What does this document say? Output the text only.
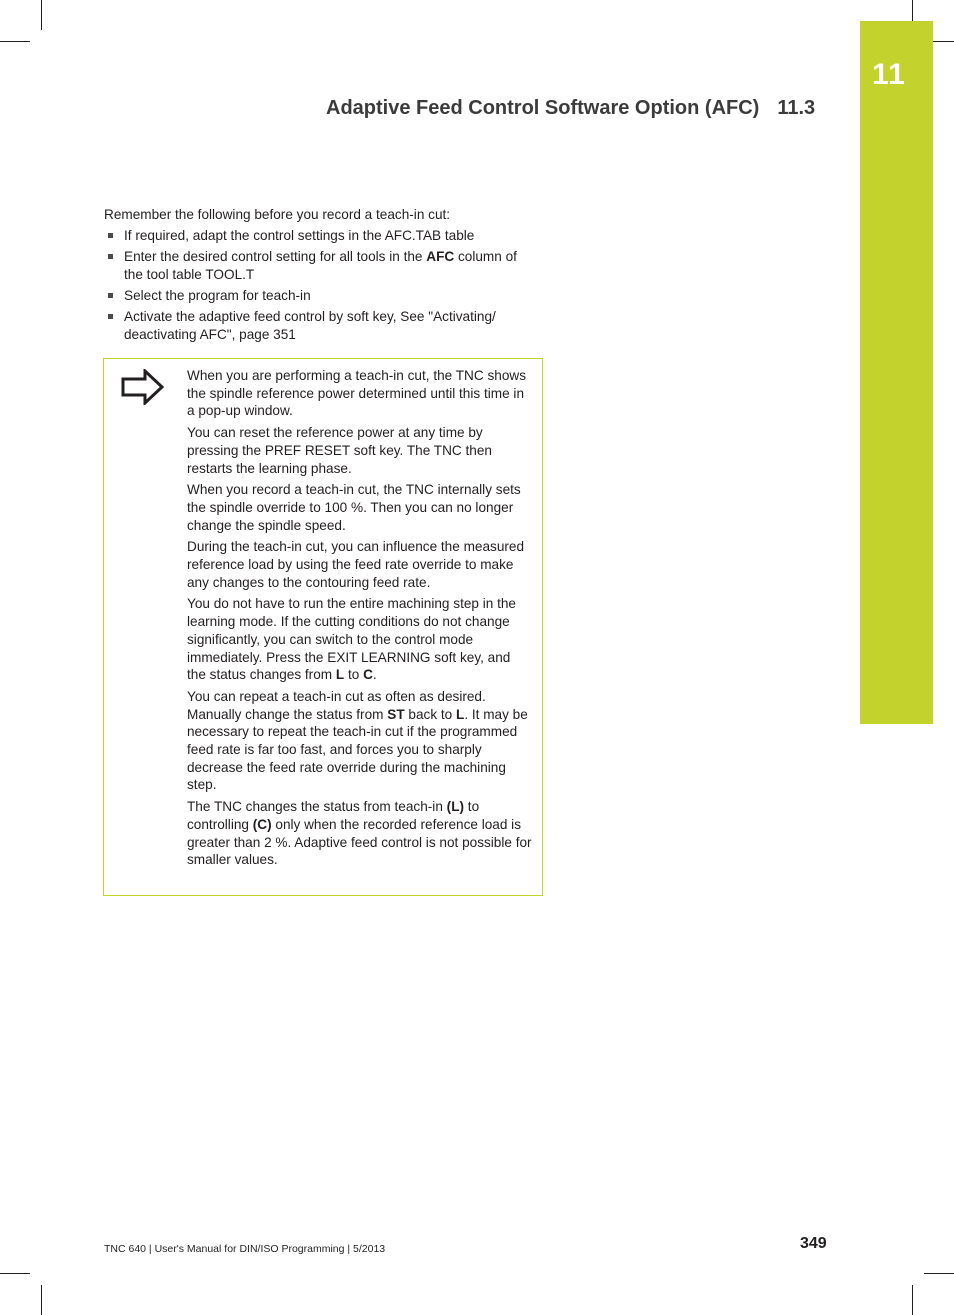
11
Adaptive Feed Control Software Option (AFC) 11.3
Remember the following before you record a teach-in cut:
If required, adapt the control settings in the AFC.TAB table
Enter the desired control setting for all tools in the AFC column of the tool table TOOL.T
Select the program for teach-in
Activate the adaptive feed control by soft key, See "Activating/ deactivating AFC", page 351

When you are performing a teach-in cut, the TNC shows the spindle reference power determined until this time in a pop-up window.

You can reset the reference power at any time by pressing the PREF RESET soft key. The TNC then restarts the learning phase.

When you record a teach-in cut, the TNC internally sets the spindle override to 100 %. Then you can no longer change the spindle speed.

During the teach-in cut, you can influence the measured reference load by using the feed rate override to make any changes to the contouring feed rate.

You do not have to run the entire machining step in the learning mode. If the cutting conditions do not change significantly, you can switch to the control mode immediately. Press the EXIT LEARNING soft key, and the status changes from L to C.

You can repeat a teach-in cut as often as desired. Manually change the status from ST back to L. It may be necessary to repeat the teach-in cut if the programmed feed rate is far too fast, and forces you to sharply decrease the feed rate override during the machining step.

The TNC changes the status from teach-in (L) to controlling (C) only when the recorded reference load is greater than 2 %. Adaptive feed control is not possible for smaller values.

TNC 640 | User's Manual for DIN/ISO Programming | 5/2013	349
